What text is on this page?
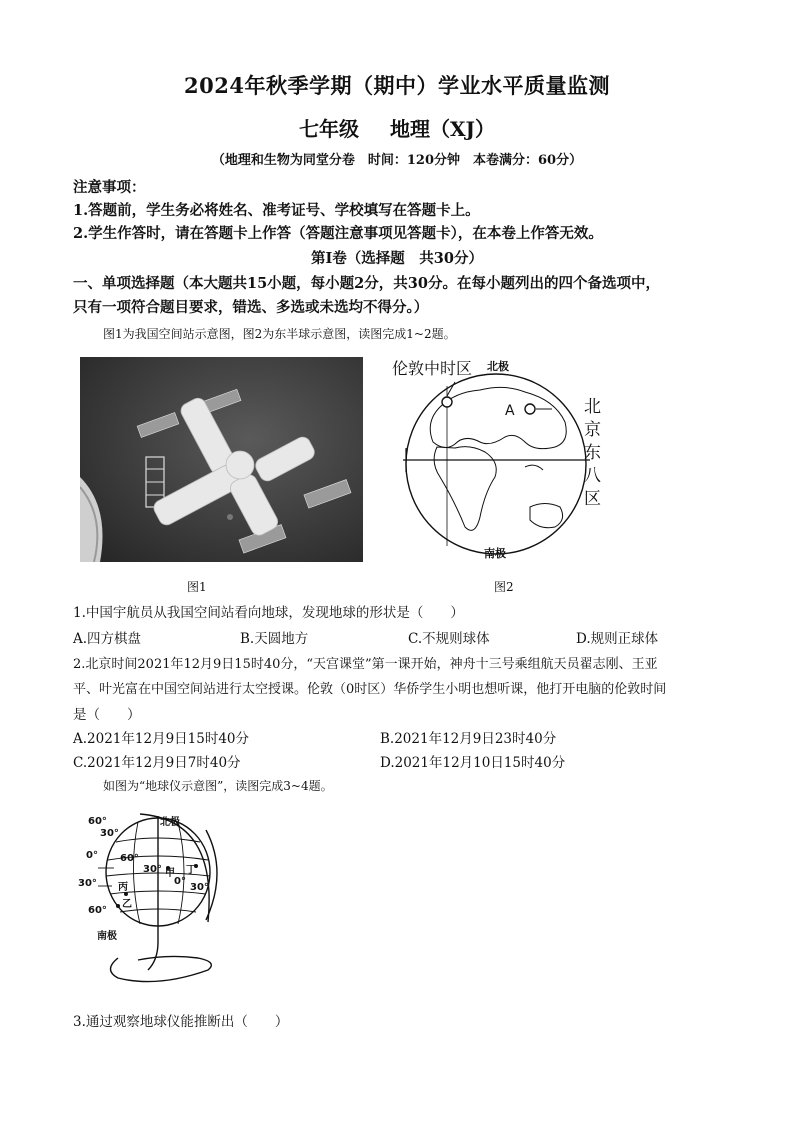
2024年秋季学期（期中）学业水平质量监测
七年级 地理（XJ）
（地理和生物为同堂分卷　时间：120分钟　本卷满分：60分）
注意事项：
1.答题前，学生务必将姓名、准考证号、学校填写在答题卡上。
2.学生作答时，请在答题卡上作答（答题注意事项见答题卡），在本卷上作答无效。
第Ⅰ卷（选择题　共30分）
一、单项选择题（本大题共15小题，每小题2分，共30分。在每小题列出的四个备选项中，
只有一项符合题目要求，错选、多选或未选均不得分。）
图1为我国空间站示意图，图2为东半球示意图，读图完成1~2题。
图1
伦敦中时区 北极
A
南极
北
京
东
八
区
图2
1.中国宇航员从我国空间站看向地球，发现地球的形状是（　　）
A.四方棋盘	B.天圆地方	C.不规则球体	D.规则正球体
2.北京时间2021年12月9日15时40分，“天宫课堂”第一课开始，神舟十三号乘组航天员翟志刚、王亚
平、叶光富在中国空间站进行太空授课。伦敦（0时区）华侨学生小明也想听课，他打开电脑的伦敦时间
是（　　）
A.2021年12月9日15时40分	B.2021年12月9日23时40分
C.2021年12月9日7时40分	D.2021年12月10日15时40分
如图为“地球仪示意图”，读图完成3~4题。
60°	北极
30°
0° 60°
30° 甲
0°
丁
30°
30° 丙
乙
60°
南极
3.通过观察地球仪能推断出（　　）
